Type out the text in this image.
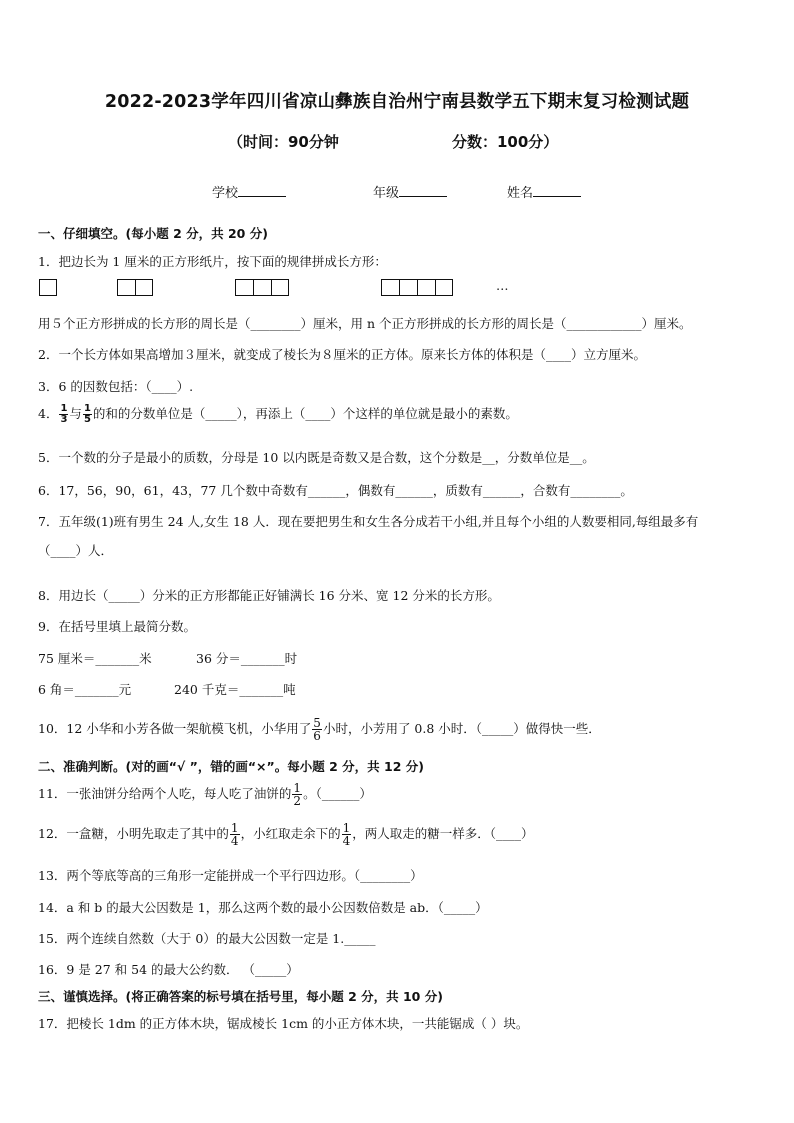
2022-2023学年四川省凉山彝族自治州宁南县数学五下期末复习检测试题
（时间：90分钟	分数：100分）
学校	年级	姓名
一、仔细填空。(每小题 2 分，共 20 分)
1．把边长为 1 厘米的正方形纸片，按下面的规律拼成长方形：
…
用５个正方形拼成的长方形的周长是（________）厘米，用 n 个正方形拼成的长方形的周长是（____________）厘米。
2．一个长方体如果高增加３厘米，就变成了棱长为８厘米的正方体。原来长方体的体积是（____）立方厘米。
3．6 的因数包括：（____）.
4． $\frac{1}{3}$ 与 $\frac{1}{5}$ 的和的分数单位是（_____），再添上（____）个这样的单位就是最小的素数。
5．一个数的分子是最小的质数，分母是 10 以内既是奇数又是合数，这个分数是__，分数单位是__。
6．17，56，90，61，43，77 几个数中奇数有______，偶数有______，质数有______，合数有________。
7．五年级(1)班有男生 24 人,女生 18 人．现在要把男生和女生各分成若干小组,并且每个小组的人数要相同,每组最多有
（____）人．
8．用边长（_____）分米的正方形都能正好铺满长 16 分米、宽 12 分米的长方形。
9．在括号里填上最简分数。
75 厘米＝_______米	36 分＝_______时
6 角＝_______元	240 千克＝_______吨
10．12 小华和小芳各做一架航模飞机，小华用了 $\frac{5}{6}$ 小时，小芳用了 0.8 小时．（_____）做得快一些．
二、准确判断。(对的画“√ ”，错的画“×”。每小题 2 分，共 12 分)
11．一张油饼分给两个人吃，每人吃了油饼的 $\frac{1}{2}$ 。（______）
12．一盒糖，小明先取走了其中的 $\frac{1}{4}$ ，小红取走余下的 $\frac{1}{4}$ ，两人取走的糖一样多．（____）
13．两个等底等高的三角形一定能拼成一个平行四边形。（________）
14．a 和 b 的最大公因数是 1，那么这两个数的最小公因数倍数是 ab．（_____）
15．两个连续自然数（大于 0）的最大公因数一定是 1._____
16．9 是 27 和 54 的最大公约数． （_____）
三、谨慎选择。(将正确答案的标号填在括号里，每小题 2 分，共 10 分)
17．把棱长 1dm 的正方体木块，锯成棱长 1cm 的小正方体木块，一共能锯成（ ）块。
